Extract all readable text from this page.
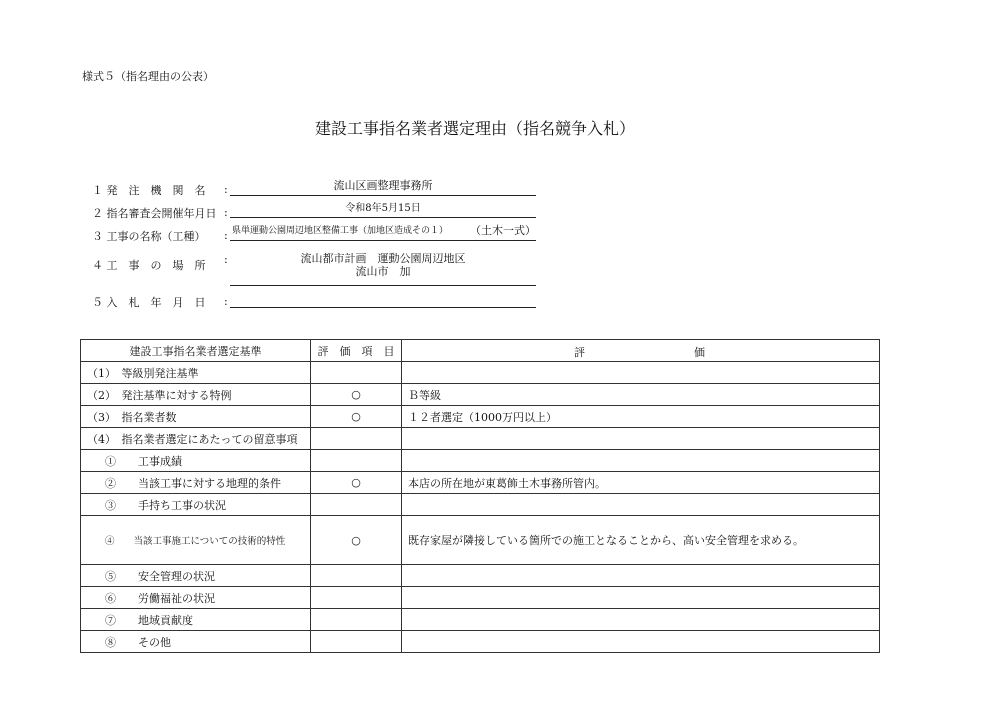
様式５（指名理由の公表）
建設工事指名業者選定理由（指名競争入札）
１ 発　注　機　関　名 :	流山区画整理事務所
２ 指名審査会開催年月日 :	令和8年5月15日
３ 工事の名称（工種） : 県単運動公園周辺地区整備工事（加地区造成その１） （土木一式）
４ 工　事　の　場　所 :	流山都市計画　運動公園周辺地区
流山市　加
５ 入　札　年　月　日 :
建設工事指名業者選定基準	評　価　項　目	評 価

（1）　等級別発注基準		
（2）　発注基準に対する特例	○	Ｂ等級
（3）　指名業者数	○	１２者選定（1000万円以上）
（4）　指名業者選定にあたっての留意事項		
①　　工事成績		
②　　当該工事に対する地理的条件	○	本店の所在地が東葛飾土木事務所管内。
③　　手持ち工事の状況		
④　　当該工事施工についての技術的特性	○	既存家屋が隣接している箇所での施工となることから、高い安全管理を求める。
⑤　　安全管理の状況		
⑥　　労働福祉の状況		
⑦　　地域貢献度		
⑧　　その他		
